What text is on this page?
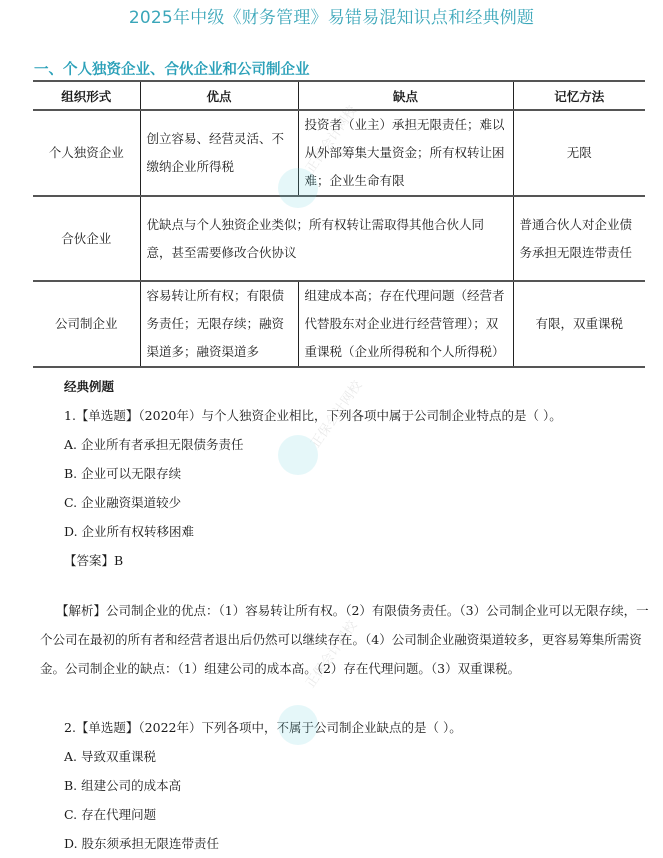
2025年中级《财务管理》易错易混知识点和经典例题
一、个人独资企业、合伙企业和公司制企业
组织形式	优点	缺点	记忆方法
个人独资企业	创立容易、经营灵活、不缴纳企业所得税	投资者（业主）承担无限责任；难以从外部筹集大量资金；所有权转让困难；企业生命有限	无限
合伙企业	优缺点与个人独资企业类似；所有权转让需取得其他合伙人同意，甚至需要修改合伙协议		普通合伙人对企业债务承担无限连带责任
公司制企业	容易转让所有权；有限债务责任；无限存续；融资渠道多；融资渠道多	组建成本高；存在代理问题（经营者代替股东对企业进行经营管理）；双重课税（企业所得税和个人所得税）	有限，双重课税
经典例题
1.【单选题】（2020年）与个人独资企业相比，下列各项中属于公司制企业特点的是（ ）。
A. 企业所有者承担无限债务责任
B. 企业可以无限存续
C. 企业融资渠道较少
D. 企业所有权转移困难
【答案】B
【解析】公司制企业的优点：（1）容易转让所有权。（2）有限债务责任。（3）公司制企业可以无限存续，一个公司在最初的所有者和经营者退出后仍然可以继续存在。（4）公司制企业融资渠道较多，更容易筹集所需资金。公司制企业的缺点：（1）组建公司的成本高。（2）存在代理问题。（3）双重课税。
2.【单选题】（2022年）下列各项中，不属于公司制企业缺点的是（ ）。
A. 导致双重课税
B. 组建公司的成本高
C. 存在代理问题
D. 股东须承担无限连带责任
正保会计网校
正保会计网校
正保会计网校
